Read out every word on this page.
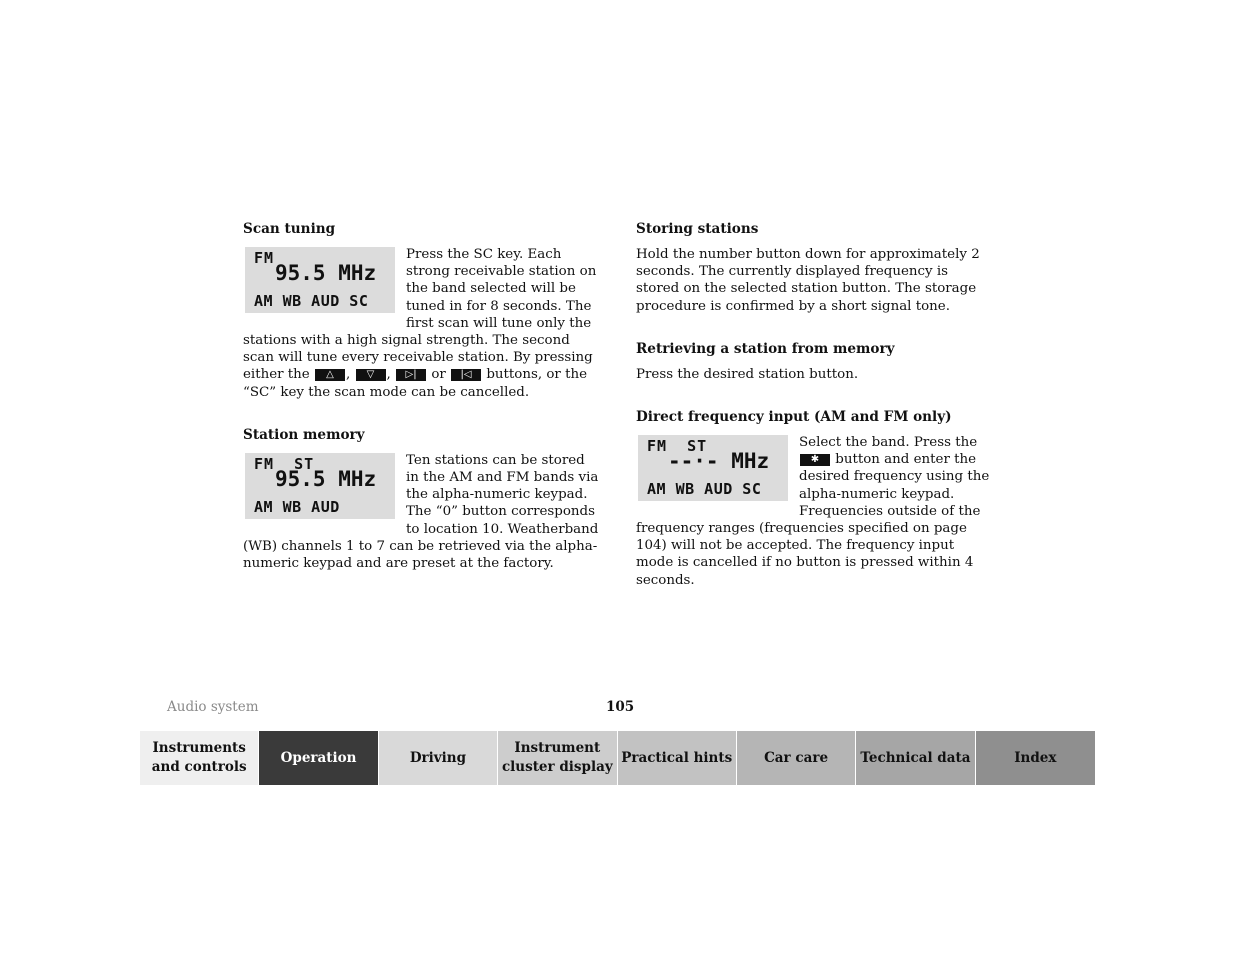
Scan tuning
FM
95.5 MHz
AM WB AUD SC

Press the SC key. Each strong receivable station on the band selected will be tuned in for 8 seconds. The first scan will tune only the stations with a high signal strength. The second scan will tune every receivable station. By pressing either the △ , ▽ , ▷| or |◁ buttons, or the “SC” key the scan mode can be cancelled.

Station memory
FM  ST
95.5 MHz
AM WB AUD

Ten stations can be stored in the AM and FM bands via the alpha-numeric keypad. The “0” button corresponds to location 10. Weatherband (WB) channels 1 to 7 can be retrieved via the alpha-numeric keypad and are preset at the factory.

Storing stations

Hold the number button down for approximately 2 seconds. The currently displayed frequency is stored on the selected station button. The storage procedure is confirmed by a short signal tone.

Retrieving a station from memory

Press the desired station button.

Direct frequency input (AM and FM only)
FM  ST
--·- MHz
AM WB AUD SC

Select the band. Press the ✱ button and enter the desired frequency using the alpha-numeric keypad. Frequencies outside of the frequency ranges (frequencies specified on page 104) will not be accepted. The frequency input mode is cancelled if no button is pressed within 4 seconds.

Audio system	105
Instruments and controls
Operation	Driving
Instrument cluster display
Practical hints	Car care	Technical data	Index
